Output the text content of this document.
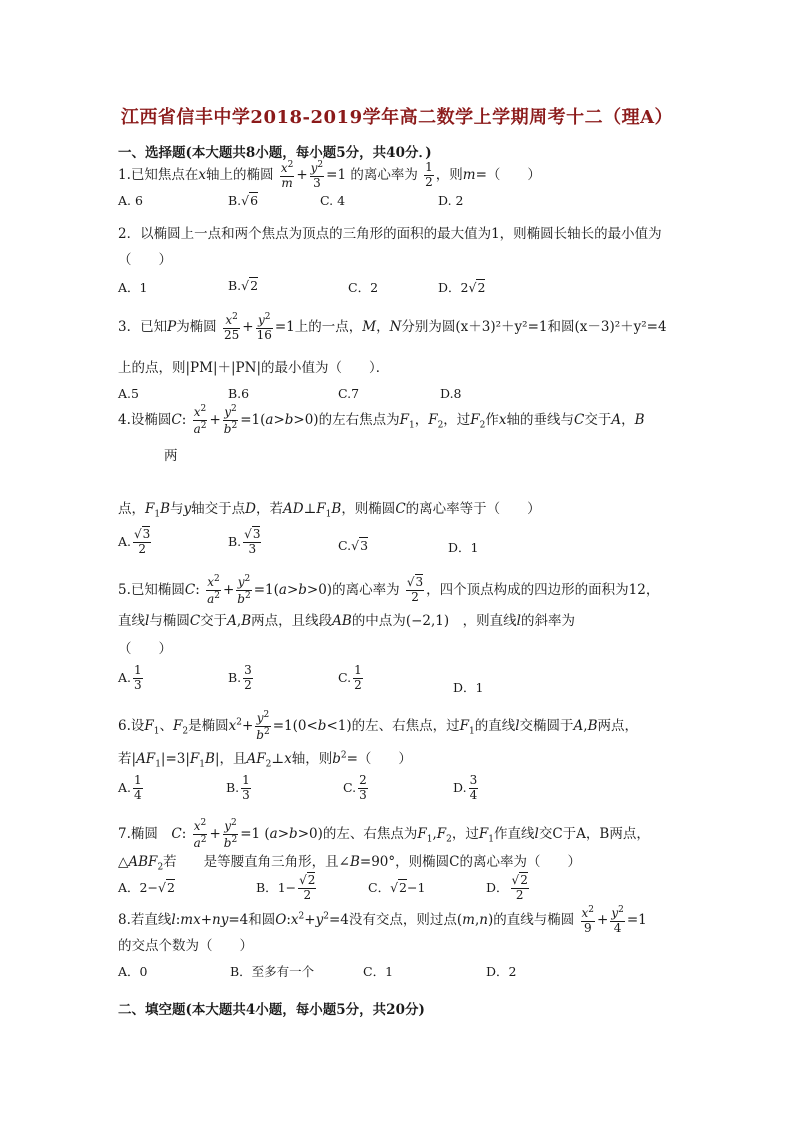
江西省信丰中学2018-2019学年高二数学上学期周考十二（理A）
一、选择题(本大题共8小题，每小题5分，共40分．)
1.已知焦点在x轴上的椭圆 $\frac{x^2}{m} + \frac{y^2}{3} =1$ 的离心率为 $\frac{1}{2}$ ，则m=（　　）
A. 6	B.√6	C. 4	D. 2
2．以椭圆上一点和两个焦点为顶点的三角形的面积的最大值为1，则椭圆长轴长的最小值为
（　　）
A．1	B.√2	C．2	D．2√2
3．已知P为椭圆 $\frac{x^2}{25} + \frac{y^2}{16} =1$上的一点，M，N分别为圆(x＋3)²＋y²=1和圆(x－3)²＋y²=4
上的点，则|PM|＋|PN|的最小值为（　　）．
A.5	B.6	C.7	D.8
4.设椭圆C: $\frac{x^2}{a^2} + \frac{y^2}{b^2} =1(a>b>0)$的左右焦点为$F_1$，$F_2$，过$F_2$作x轴的垂线与C交于A，B
两
点，$F_1B$与y轴交于点D，若$AD\perp F_1B$，则椭圆C的离心率等于（　　）
A. $\frac{√3}{2}$	B. $\frac{√3}{3}$	C.√3	D．1
5.已知椭圆C: $\frac{x^2}{a^2} + \frac{y^2}{b^2} =1(a>b>0)$的离心率为 $\frac{√3}{2}$ ，四个顶点构成的四边形的面积为12，
直线l与椭圆C交于A,B两点，且线段AB的中点为(−2,1)　，则直线l的斜率为
（　　）
A. $\frac{1}{3}$	B. $\frac{3}{2}$	C. $\frac{1}{2}$	D．1
6.设$F_1$、$F_2$是椭圆$x^2+ \frac{y^2}{b^2} =1(0<b<1)$的左、右焦点，过$F_1$的直线l交椭圆于A,B两点，
若$|AF_1|=3|F_1B|$，且$AF_2\perp x$轴，则$b^2=$（　　）
A. $\frac{1}{4}$	B. $\frac{1}{3}$	C. $\frac{2}{3}$	D. $\frac{3}{4}$
7.椭圆　 C: $\frac{x^2}{a^2} + \frac{y^2}{b^2} =1$ (a>b>0)的左、右焦点为$F_1,F_2$，过$F_1$作直线l交C于A，B两点，
$\triangle ABF_2$若　　 是等腰直角三角形，且∠B=90°，则椭圆C的离心率为（　　）
A．2−√2	B．$1- \frac{√2}{2}$	C．√2−1	D． $\frac{√2}{2}$
8.若直线l:mx+ny=4和圆$O:x^2+y^2=4$没有交点，则过点(m,n)的直线与椭圆 $\frac{x^2}{9} + \frac{y^2}{4} =1$
的交点个数为（　　）
A．0	B．至多有一个	C．1	D．2
二、填空题(本大题共4小题，每小题5分，共20分)
